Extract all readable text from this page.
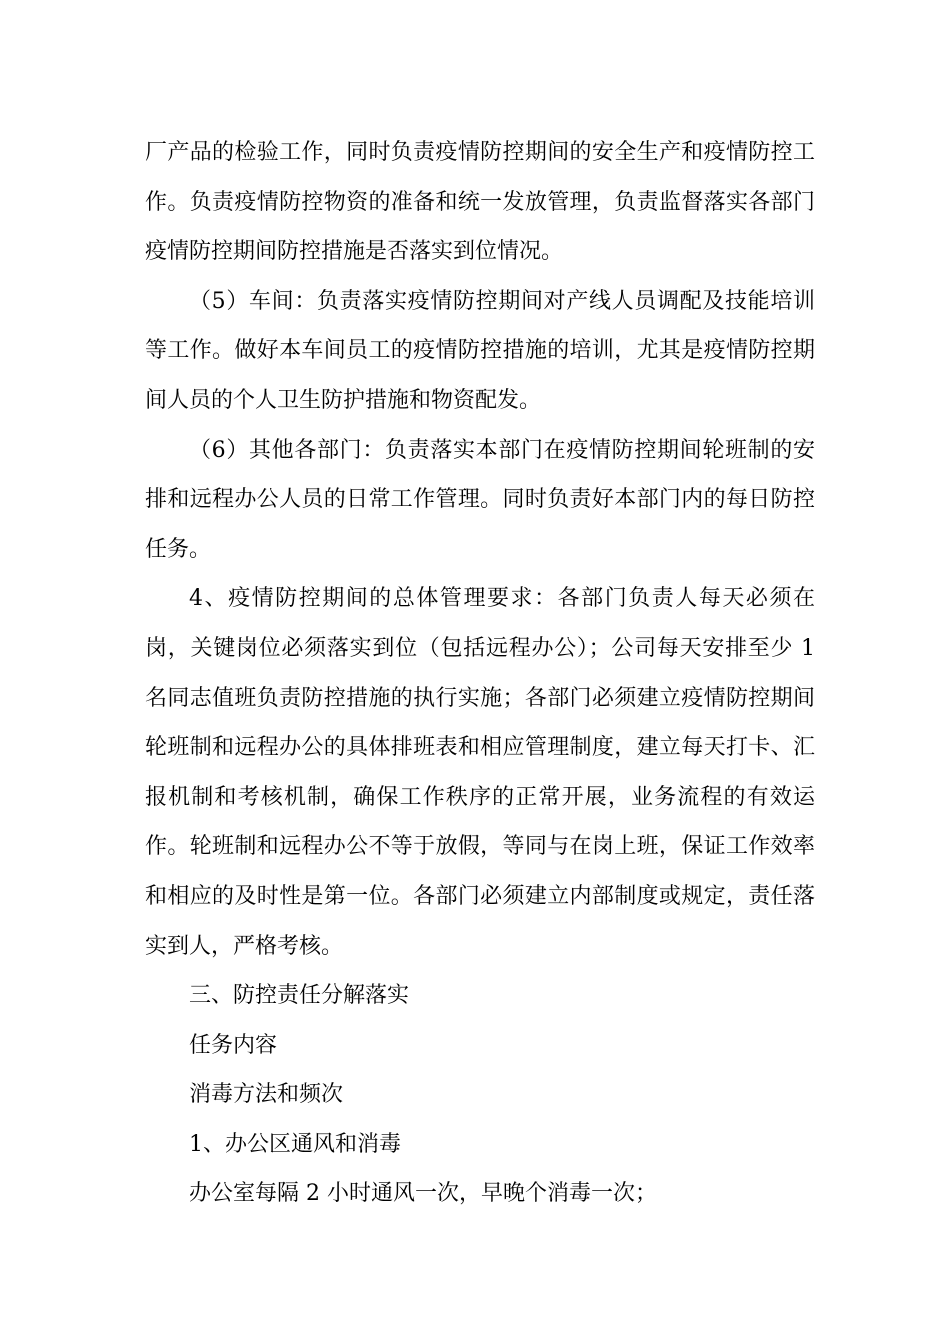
厂产品的检验工作，同时负责疫情防控期间的安全生产和疫情防控工作。负责疫情防控物资的准备和统一发放管理，负责监督落实各部门疫情防控期间防控措施是否落实到位情况。

（5）车间：负责落实疫情防控期间对产线人员调配及技能培训等工作。做好本车间员工的疫情防控措施的培训，尤其是疫情防控期间人员的个人卫生防护措施和物资配发。

（6）其他各部门：负责落实本部门在疫情防控期间轮班制的安排和远程办公人员的日常工作管理。同时负责好本部门内的每日防控任务。

4、疫情防控期间的总体管理要求：各部门负责人每天必须在岗，关键岗位必须落实到位（包括远程办公）；公司每天安排至少 1 名同志值班负责防控措施的执行实施；各部门必须建立疫情防控期间轮班制和远程办公的具体排班表和相应管理制度，建立每天打卡、汇报机制和考核机制，确保工作秩序的正常开展，业务流程的有效运作。轮班制和远程办公不等于放假，等同与在岗上班，保证工作效率和相应的及时性是第一位。各部门必须建立内部制度或规定，责任落实到人，严格考核。

三、防控责任分解落实

任务内容

消毒方法和频次

1、办公区通风和消毒

办公室每隔 2 小时通风一次，早晚个消毒一次；
